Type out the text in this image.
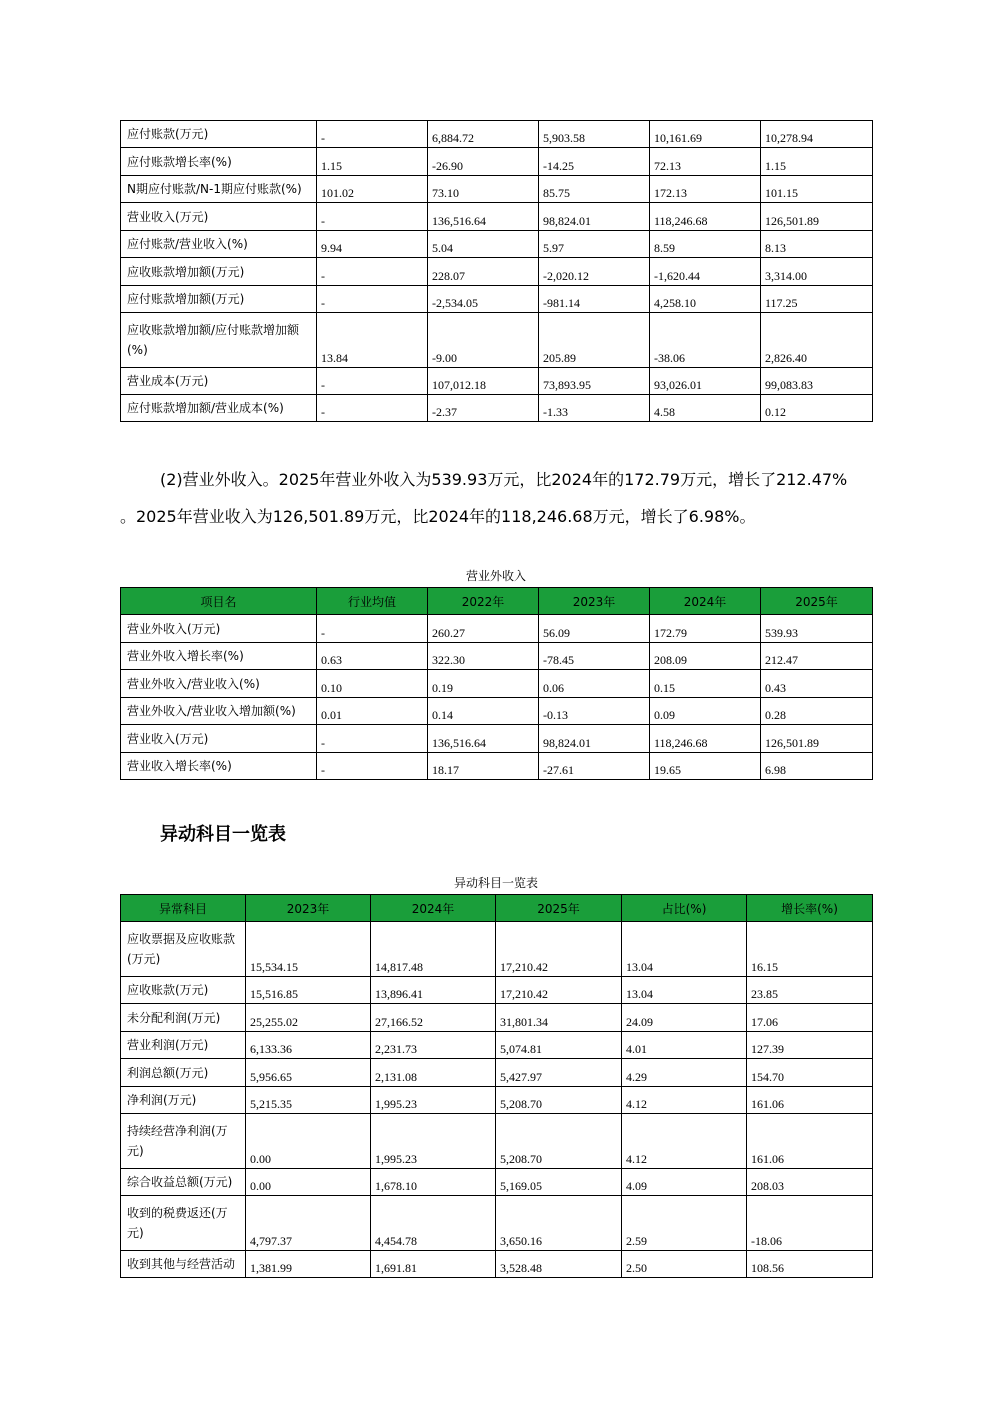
应付账款(万元)	-	6,884.72	5,903.58	10,161.69	10,278.94
应付账款增长率(%)	1.15	-26.90	-14.25	72.13	1.15
N期应付账款/N-1期应付账款(%)	101.02	73.10	85.75	172.13	101.15
营业收入(万元)	-	136,516.64	98,824.01	118,246.68	126,501.89
应付账款/营业收入(%)	9.94	5.04	5.97	8.59	8.13
应收账款增加额(万元)	-	228.07	-2,020.12	-1,620.44	3,314.00
应付账款增加额(万元)	-	-2,534.05	-981.14	4,258.10	117.25
应收账款增加额/应付账款增加额(%)	13.84	-9.00	205.89	-38.06	2,826.40
营业成本(万元)	-	107,012.18	73,893.95	93,026.01	99,083.83
应付账款增加额/营业成本(%)	-	-2.37	-1.33	4.58	0.12

(2)营业外收入。2025年营业外收入为539.93万元，比2024年的172.79万元，增长了212.47%
。2025年营业收入为126,501.89万元，比2024年的118,246.68万元，增长了6.98%。

营业外收入
项目名	行业均值	2022年	2023年	2024年	2025年
营业外收入(万元)	-	260.27	56.09	172.79	539.93
营业外收入增长率(%)	0.63	322.30	-78.45	208.09	212.47
营业外收入/营业收入(%)	0.10	0.19	0.06	0.15	0.43
营业外收入/营业收入增加额(%)	0.01	0.14	-0.13	0.09	0.28
营业收入(万元)	-	136,516.64	98,824.01	118,246.68	126,501.89
营业收入增长率(%)	-	18.17	-27.61	19.65	6.98
异动科目一览表
异动科目一览表
异常科目	2023年	2024年	2025年	占比(%)	增长率(%)
应收票据及应收账款(万元)	15,534.15	14,817.48	17,210.42	13.04	16.15
应收账款(万元)	15,516.85	13,896.41	17,210.42	13.04	23.85
未分配利润(万元)	25,255.02	27,166.52	31,801.34	24.09	17.06
营业利润(万元)	6,133.36	2,231.73	5,074.81	4.01	127.39
利润总额(万元)	5,956.65	2,131.08	5,427.97	4.29	154.70
净利润(万元)	5,215.35	1,995.23	5,208.70	4.12	161.06
持续经营净利润(万元)	0.00	1,995.23	5,208.70	4.12	161.06
综合收益总额(万元)	0.00	1,678.10	5,169.05	4.09	208.03
收到的税费返还(万元)	4,797.37	4,454.78	3,650.16	2.59	-18.06
收到其他与经营活动	1,381.99	1,691.81	3,528.48	2.50	108.56
